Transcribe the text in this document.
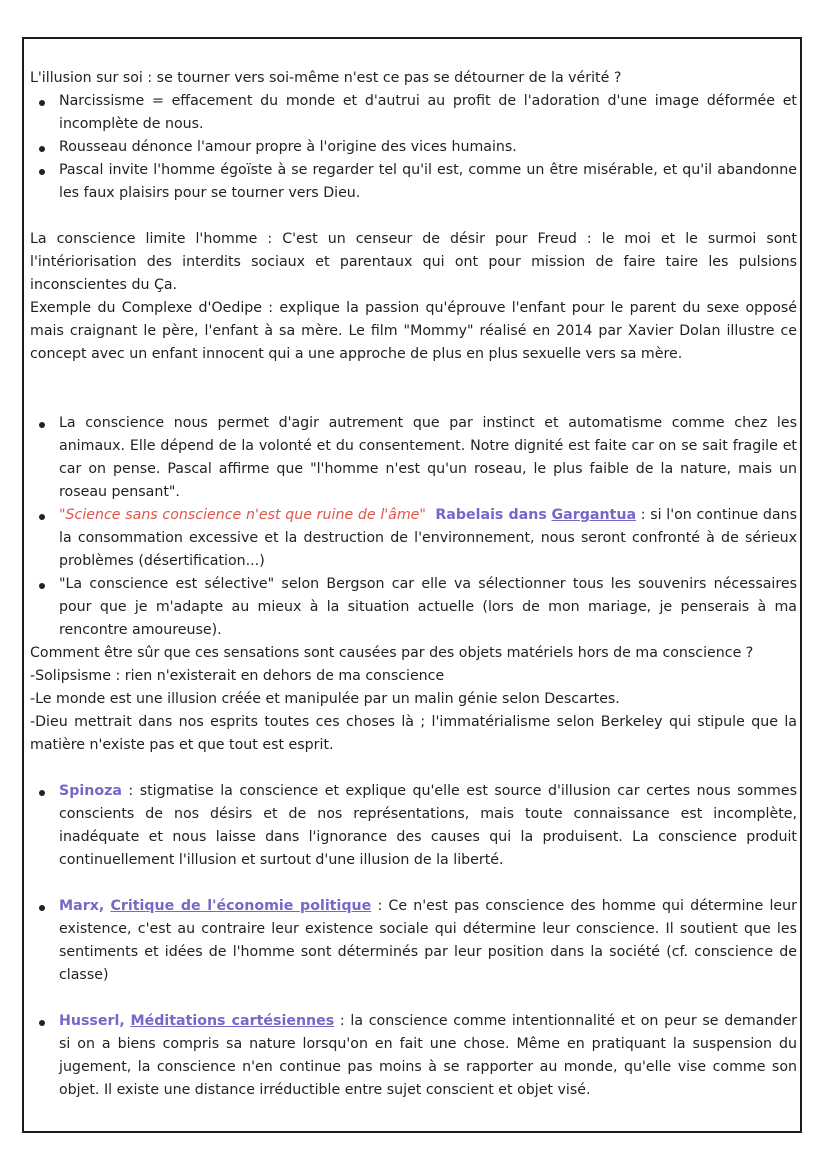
L'illusion sur soi : se tourner vers soi-même n'est ce pas se détourner de la vérité ?

Narcissisme = effacement du monde et d'autrui au profit de l'adoration d'une image déformée et incomplète de nous.
Rousseau dénonce l'amour propre à l'origine des vices humains.
Pascal invite l'homme égoïste à se regarder tel qu'il est, comme un être misérable, et qu'il abandonne les faux plaisirs pour se tourner vers Dieu.

La conscience limite l'homme : C'est un censeur de désir pour Freud : le moi et le surmoi sont l'intériorisation des interdits sociaux et parentaux qui ont pour mission de faire taire les pulsions inconscientes du Ça.

Exemple du Complexe d'Oedipe : explique la passion qu'éprouve l'enfant pour le parent du sexe opposé mais craignant le père, l'enfant à sa mère. Le film "Mommy" réalisé en 2014 par Xavier Dolan illustre ce concept avec un enfant innocent qui a une approche de plus en plus sexuelle vers sa mère.

La conscience nous permet d'agir autrement que par instinct et automatisme comme chez les animaux. Elle dépend de la volonté et du consentement. Notre dignité est faite car on se sait fragile et car on pense. Pascal affirme que "l'homme n'est qu'un roseau, le plus faible de la nature, mais un roseau pensant".
"Science sans conscience n'est que ruine de l'âme" Rabelais dans Gargantua : si l'on continue dans la consommation excessive et la destruction de l'environnement, nous seront confronté à de sérieux problèmes (désertification...)
"La conscience est sélective" selon Bergson car elle va sélectionner tous les souvenirs nécessaires pour que je m'adapte au mieux à la situation actuelle (lors de mon mariage, je penserais à ma rencontre amoureuse).

Comment être sûr que ces sensations sont causées par des objets matériels hors de ma conscience ?

-Solipsisme : rien n'existerait en dehors de ma conscience

-Le monde est une illusion créée et manipulée par un malin génie selon Descartes.

-Dieu mettrait dans nos esprits toutes ces choses là ; l'immatérialisme selon Berkeley qui stipule que la matière n'existe pas et que tout est esprit.

Spinoza : stigmatise la conscience et explique qu'elle est source d'illusion car certes nous sommes conscients de nos désirs et de nos représentations, mais toute connaissance est incomplète, inadéquate et nous laisse dans l'ignorance des causes qui la produisent. La conscience produit continuellement l'illusion et surtout d'une illusion de la liberté.
Marx, Critique de l'économie politique : Ce n'est pas conscience des homme qui détermine leur existence, c'est au contraire leur existence sociale qui détermine leur conscience. Il soutient que les sentiments et idées de l'homme sont déterminés par leur position dans la société (cf. conscience de classe)
Husserl, Méditations cartésiennes : la conscience comme intentionnalité et on peur se demander si on a biens compris sa nature lorsqu'on en fait une chose. Même en pratiquant la suspension du jugement, la conscience n'en continue pas moins à se rapporter au monde, qu'elle vise comme son objet. Il existe une distance irréductible entre sujet conscient et objet visé.
